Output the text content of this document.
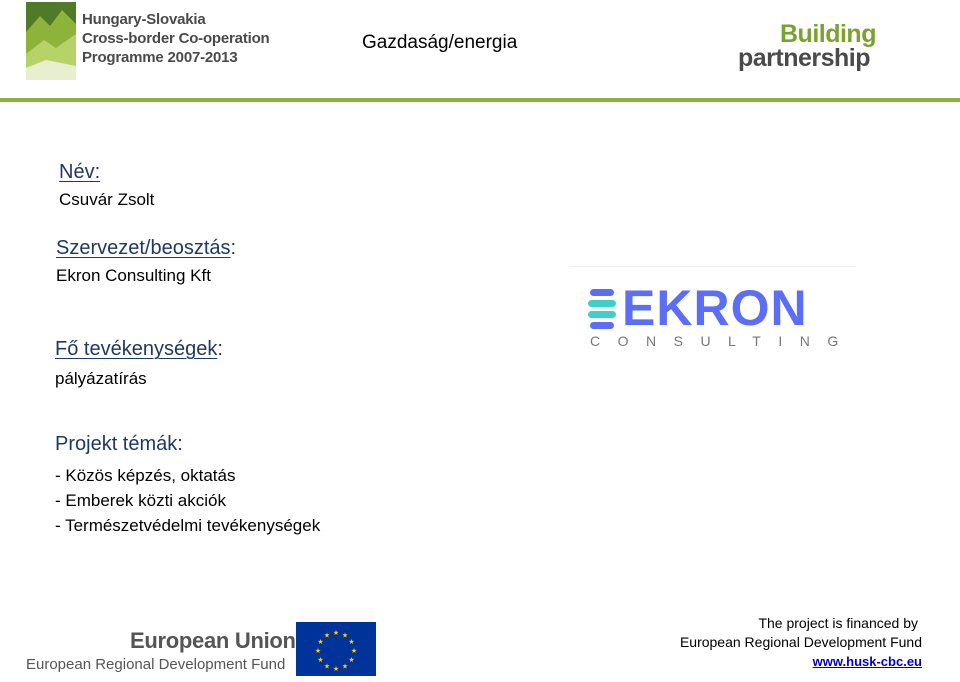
Hungary-Slovakia
Cross-border Co-operation
Programme 2007-2013
Gazdaság/energia	Building
partnership
Név:
Csuvár Zsolt
Szervezet/beosztás:
Ekron Consulting Kft
Fő tevékenységek:
pályázatírás
Projekt témák:
- Közös képzés, oktatás
- Emberek közti akciók
- Természetvédelmi tevékenységek
EKRON
CONSULTING
European Union
European Regional Development Fund
★ ★
★
★
★
★
★
★
★
★
★
★
The project is financed by
European Regional Development Fund
www.husk-cbc.eu
